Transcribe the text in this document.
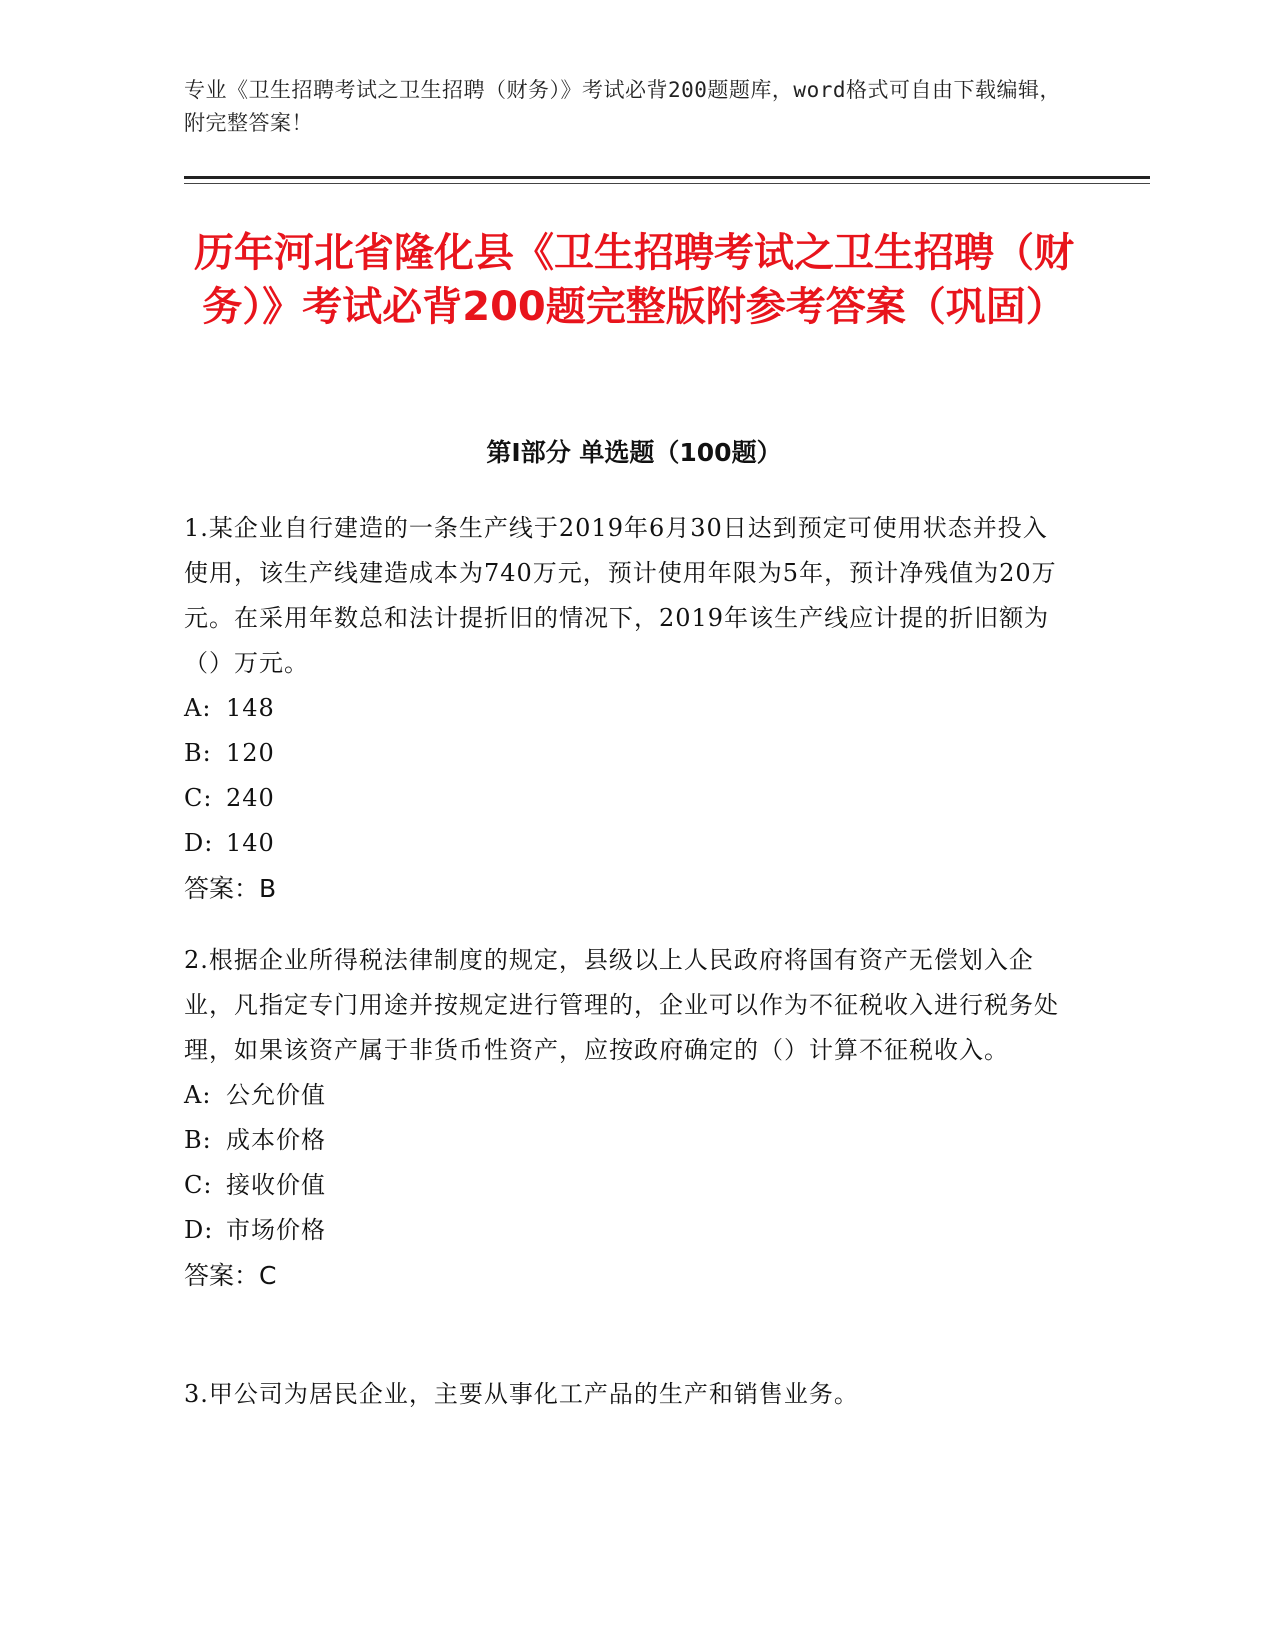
专业《卫生招聘考试之卫生招聘（财务）》考试必背200题题库，word格式可自由下载编辑，附完整答案！
历年河北省隆化县《卫生招聘考试之卫生招聘（财务）》考试必背200题完整版附参考答案（巩固）
第Ⅰ部分 单选题（100题）

1.某企业自行建造的一条生产线于2019年6月30日达到预定可使用状态并投入使用，该生产线建造成本为740万元，预计使用年限为5年，预计净残值为20万元。在采用年数总和法计提折旧的情况下，2019年该生产线应计提的折旧额为（）万元。

A: 148

B: 120

C: 240

D: 140

答案：B

2.根据企业所得税法律制度的规定，县级以上人民政府将国有资产无偿划入企业，凡指定专门用途并按规定进行管理的，企业可以作为不征税收入进行税务处理，如果该资产属于非货币性资产，应按政府确定的（）计算不征税收入。

A: 公允价值

B: 成本价格

C: 接收价值

D: 市场价格

答案：C

3.甲公司为居民企业，主要从事化工产品的生产和销售业务。
